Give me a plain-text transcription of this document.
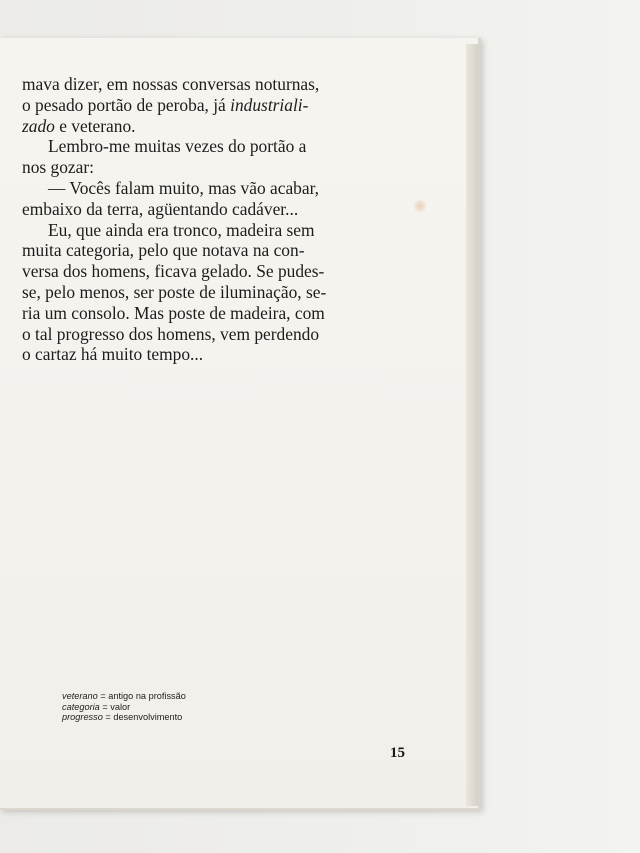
mava dizer, em nossas conversas noturnas,
o pesado portão de peroba, já industriali-
zado e veterano.

Lembro-me muitas vezes do portão a
nos gozar:

— Vocês falam muito, mas vão acabar,
embaixo da terra, agüentando cadáver...

Eu, que ainda era tronco, madeira sem
muita categoria, pelo que notava na con-
versa dos homens, ficava gelado. Se pudes-
se, pelo menos, ser poste de iluminação, se-
ria um consolo. Mas poste de madeira, com
o tal progresso dos homens, vem perdendo
o cartaz há muito tempo...

veterano = antigo na profissão
categoria = valor
progresso = desenvolvimento
15
